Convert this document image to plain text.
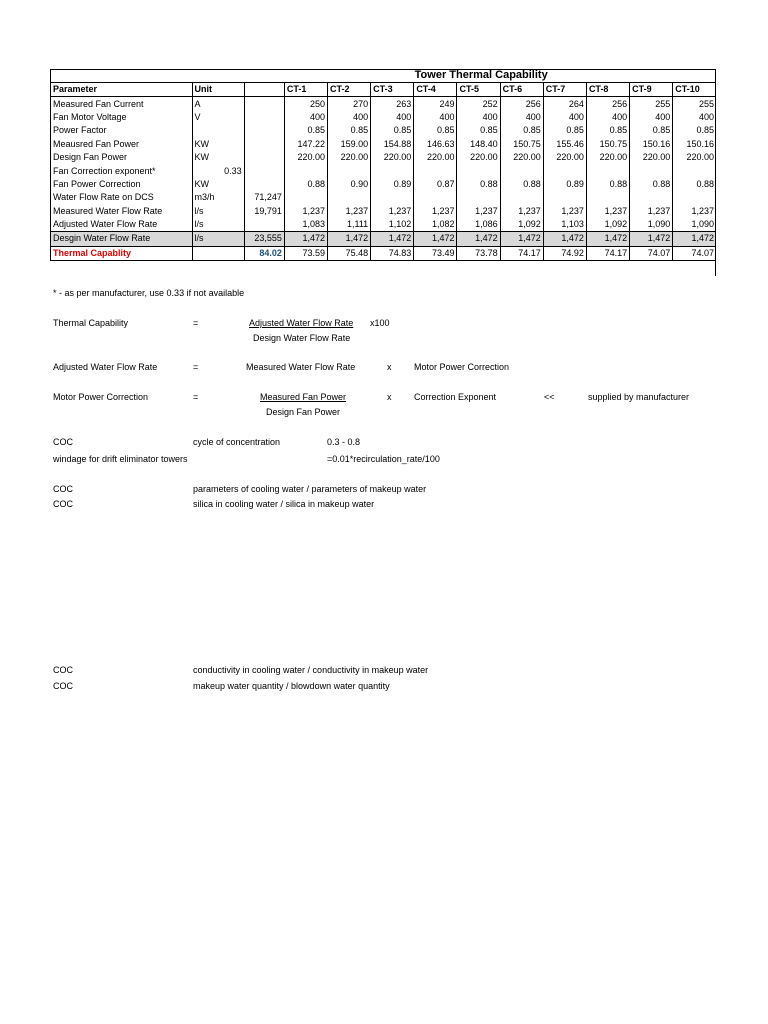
					Tower Thermal Capability							
Parameter	Unit		CT-1	CT-2	CT-3	CT-4	CT-5	CT-6	CT-7	CT-8	CT-9	CT-10
Measured Fan Current	A		250	270	263	249	252	256	264	256	255	255
Fan Motor Voltage	V		400	400	400	400	400	400	400	400	400	400
Power Factor			0.85	0.85	0.85	0.85	0.85	0.85	0.85	0.85	0.85	0.85
Meausred Fan Power	KW		147.22	159.00	154.88	146.63	148.40	150.75	155.46	150.75	150.16	150.16
Design Fan Power	KW		220.00	220.00	220.00	220.00	220.00	220.00	220.00	220.00	220.00	220.00
Fan Correction exponent*	0.33											
Fan Power Correction	KW		0.88	0.90	0.89	0.87	0.88	0.88	0.89	0.88	0.88	0.88
Water Flow Rate on DCS	m3/h	71,247										
Measured Water Flow Rate	l/s	19,791	1,237	1,237	1,237	1,237	1,237	1,237	1,237	1,237	1,237	1,237
Adjusted Water Flow Rate	l/s		1,083	1,111	1,102	1,082	1,086	1,092	1,103	1,092	1,090	1,090
Desgin Water Flow Rate	l/s	23,555	1,472	1,472	1,472	1,472	1,472	1,472	1,472	1,472	1,472	1,472
Thermal Capablity		84.02	73.59	75.48	74.83	73.49	73.78	74.17	74.92	74.17	74.07	74.07
* - as per manufacturer, use 0.33 if not available
Thermal Capability	=	Adjusted Water Flow Rate x100
Design Water Flow Rate
Adjusted Water Flow Rate	=	Measured Water Flow Rate	x	Motor Power Correction
Motor Power Correction	=	Measured Fan Power	x	Correction Exponent	<<	supplied by manufacturer
Design Fan Power
COC	cycle of concentration	0.3 - 0.8
windage for drift eliminator towers	=0.01*recirculation_rate/100
COC	parameters of cooling water / parameters of makeup water
COC	silica in cooling water / silica in makeup water
COC	conductivity in cooling water / conductivity in makeup water
COC	makeup water quantity / blowdown water quantity
